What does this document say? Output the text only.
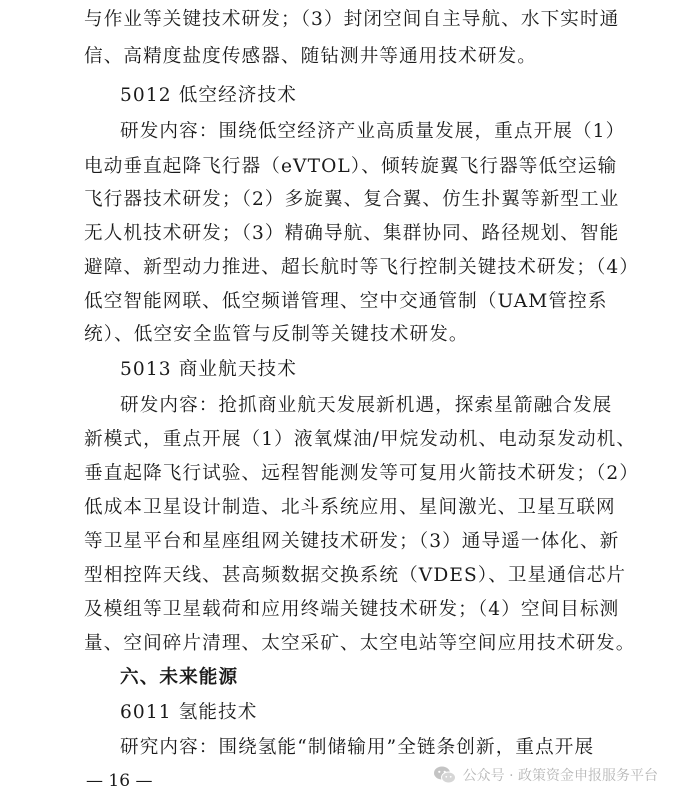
与作业等关键技术研发；（3）封闭空间自主导航、水下实时通
信、高精度盐度传感器、随钻测井等通用技术研发。
5012 低空经济技术
研发内容：围绕低空经济产业高质量发展，重点开展（1）
电动垂直起降飞行器（eVTOL）、倾转旋翼飞行器等低空运输
飞行器技术研发；（2）多旋翼、复合翼、仿生扑翼等新型工业
无人机技术研发；（3）精确导航、集群协同、路径规划、智能
避障、新型动力推进、超长航时等飞行控制关键技术研发；（4）
低空智能网联、低空频谱管理、空中交通管制（UAM管控系
统）、低空安全监管与反制等关键技术研发。
5013 商业航天技术
研发内容：抢抓商业航天发展新机遇，探索星箭融合发展
新模式，重点开展（1）液氧煤油/甲烷发动机、电动泵发动机、
垂直起降飞行试验、远程智能测发等可复用火箭技术研发；（2）
低成本卫星设计制造、北斗系统应用、星间激光、卫星互联网
等卫星平台和星座组网关键技术研发；（3）通导遥一体化、新
型相控阵天线、甚高频数据交换系统（VDES）、卫星通信芯片
及模组等卫星载荷和应用终端关键技术研发；（4）空间目标测
量、空间碎片清理、太空采矿、太空电站等空间应用技术研发。
六、未来能源
6011 氢能技术
研究内容：围绕氢能“制储输用”全链条创新，重点开展
— 16 —	公众号 · 政策资金申报服务平台
